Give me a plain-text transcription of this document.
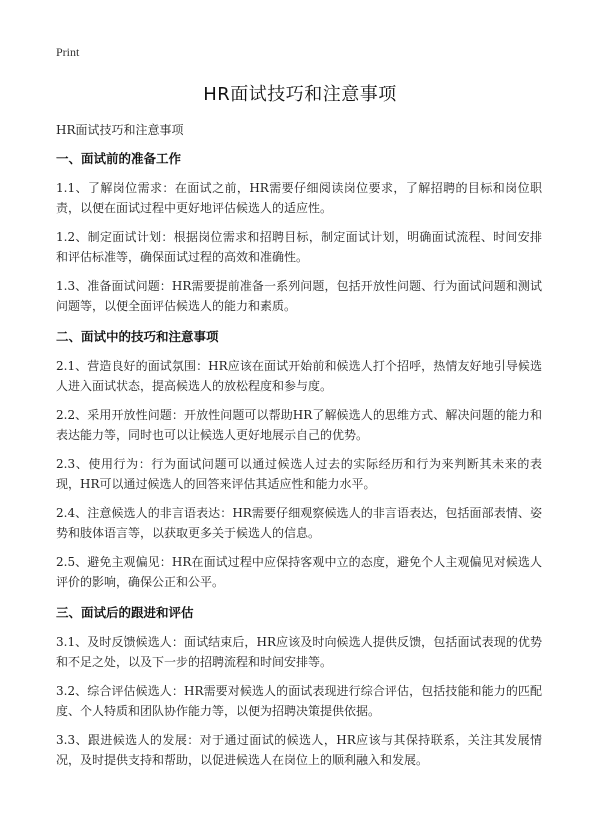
Print
HR面试技巧和注意事项
HR面试技巧和注意事项
一、面试前的准备工作

1.1、了解岗位需求：在面试之前，HR需要仔细阅读岗位要求，了解招聘的目标和岗位职责，以便在面试过程中更好地评估候选人的适应性。

1.2、制定面试计划：根据岗位需求和招聘目标，制定面试计划，明确面试流程、时间安排和评估标准等，确保面试过程的高效和准确性。

1.3、准备面试问题：HR需要提前准备一系列问题，包括开放性问题、行为面试问题和测试问题等，以便全面评估候选人的能力和素质。

二、面试中的技巧和注意事项

2.1、营造良好的面试氛围：HR应该在面试开始前和候选人打个招呼，热情友好地引导候选人进入面试状态，提高候选人的放松程度和参与度。

2.2、采用开放性问题：开放性问题可以帮助HR了解候选人的思维方式、解决问题的能力和表达能力等，同时也可以让候选人更好地展示自己的优势。

2.3、使用行为：行为面试问题可以通过候选人过去的实际经历和行为来判断其未来的表现，HR可以通过候选人的回答来评估其适应性和能力水平。

2.4、注意候选人的非言语表达：HR需要仔细观察候选人的非言语表达，包括面部表情、姿势和肢体语言等，以获取更多关于候选人的信息。

2.5、避免主观偏见：HR在面试过程中应保持客观中立的态度，避免个人主观偏见对候选人评价的影响，确保公正和公平。

三、面试后的跟进和评估

3.1、及时反馈候选人：面试结束后，HR应该及时向候选人提供反馈，包括面试表现的优势和不足之处，以及下一步的招聘流程和时间安排等。

3.2、综合评估候选人：HR需要对候选人的面试表现进行综合评估，包括技能和能力的匹配度、个人特质和团队协作能力等，以便为招聘决策提供依据。

3.3、跟进候选人的发展：对于通过面试的候选人，HR应该与其保持联系，关注其发展情况，及时提供支持和帮助，以促进候选人在岗位上的顺利融入和发展。
